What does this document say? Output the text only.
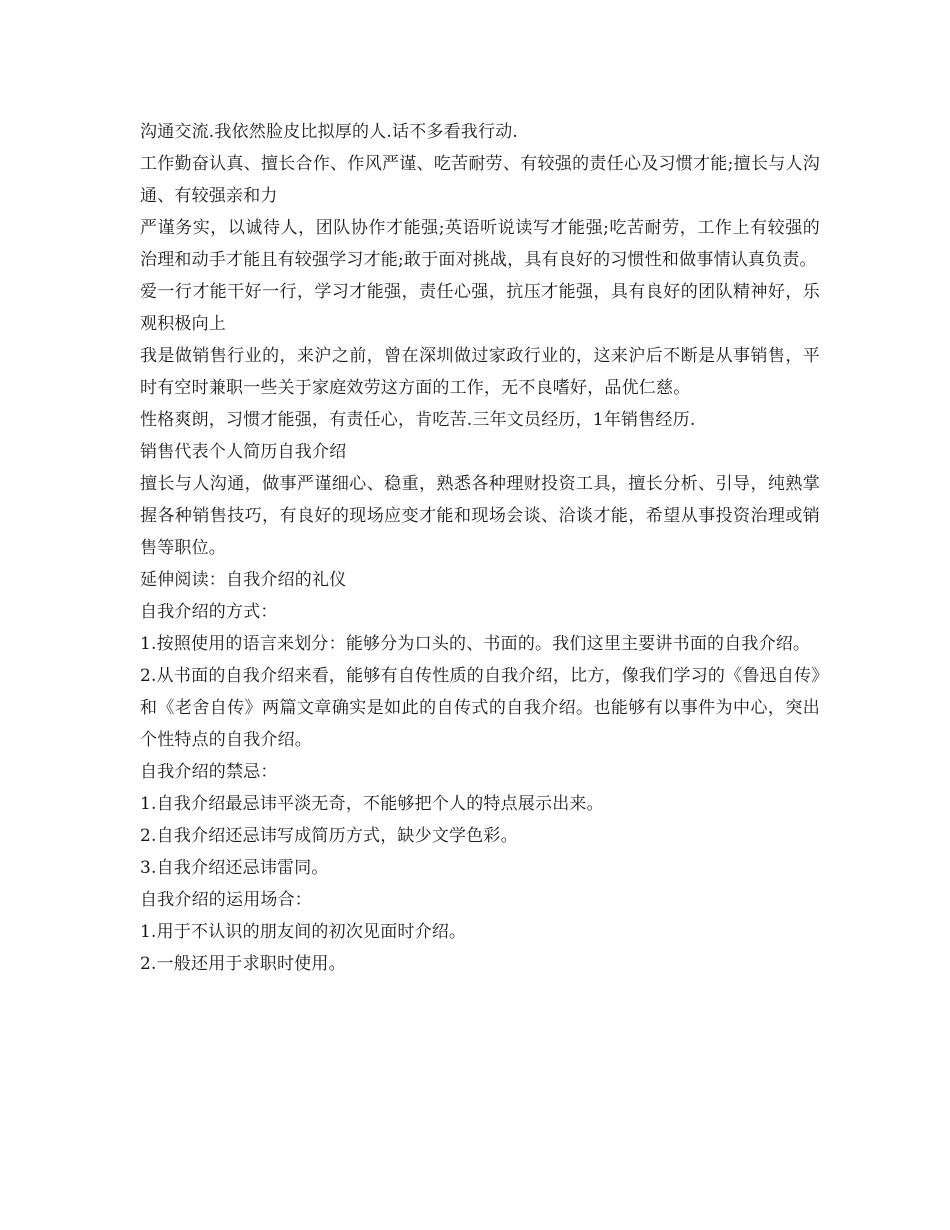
沟通交流.我依然脸皮比拟厚的人.话不多看我行动.

工作勤奋认真、擅长合作、作风严谨、吃苦耐劳、有较强的责任心及习惯才能;擅长与人沟通、有较强亲和力

严谨务实，以诚待人，团队协作才能强;英语听说读写才能强;吃苦耐劳，工作上有较强的治理和动手才能且有较强学习才能;敢于面对挑战，具有良好的习惯性和做事情认真负责。

爱一行才能干好一行，学习才能强，责任心强，抗压才能强，具有良好的团队精神好，乐观积极向上

我是做销售行业的，来沪之前，曾在深圳做过家政行业的，这来沪后不断是从事销售，平时有空时兼职一些关于家庭效劳这方面的工作，无不良嗜好，品优仁慈。

性格爽朗，习惯才能强，有责任心，肯吃苦.三年文员经历，1年销售经历.

销售代表个人简历自我介绍

擅长与人沟通，做事严谨细心、稳重，熟悉各种理财投资工具，擅长分析、引导，纯熟掌握各种销售技巧，有良好的现场应变才能和现场会谈、洽谈才能，希望从事投资治理或销售等职位。

延伸阅读：自我介绍的礼仪

自我介绍的方式：

1.按照使用的语言来划分：能够分为口头的、书面的。我们这里主要讲书面的自我介绍。

2.从书面的自我介绍来看，能够有自传性质的自我介绍，比方，像我们学习的《鲁迅自传》和《老舍自传》两篇文章确实是如此的自传式的自我介绍。也能够有以事件为中心，突出个性特点的自我介绍。

自我介绍的禁忌：

1.自我介绍最忌讳平淡无奇，不能够把个人的特点展示出来。

2.自我介绍还忌讳写成简历方式，缺少文学色彩。

3.自我介绍还忌讳雷同。

自我介绍的运用场合：

1.用于不认识的朋友间的初次见面时介绍。

2.一般还用于求职时使用。
